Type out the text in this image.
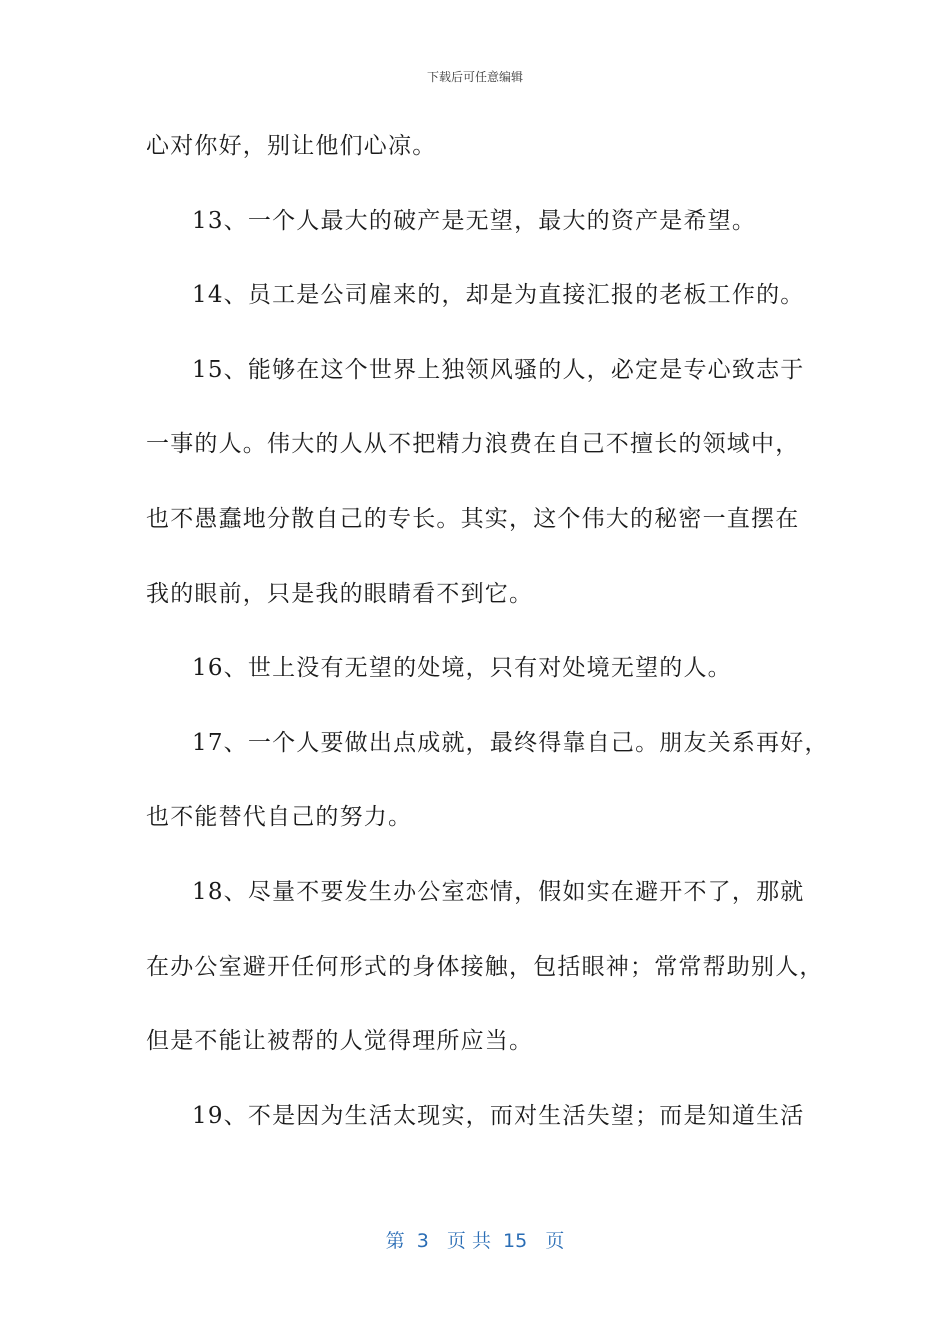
下载后可任意编辑
心对你好，别让他们心凉。
13、一个人最大的破产是无望，最大的资产是希望。
14、员工是公司雇来的，却是为直接汇报的老板工作的。
15、能够在这个世界上独领风骚的人，必定是专心致志于
一事的人。伟大的人从不把精力浪费在自己不擅长的领域中，
也不愚蠢地分散自己的专长。其实，这个伟大的秘密一直摆在
我的眼前，只是我的眼睛看不到它。
16、世上没有无望的处境，只有对处境无望的人。
17、一个人要做出点成就，最终得靠自己。朋友关系再好，
也不能替代自己的努力。
18、尽量不要发生办公室恋情，假如实在避开不了，那就
在办公室避开任何形式的身体接触，包括眼神；常常帮助别人，
但是不能让被帮的人觉得理所应当。
19、不是因为生活太现实，而对生活失望；而是知道生活
第  3   页 共  15   页
